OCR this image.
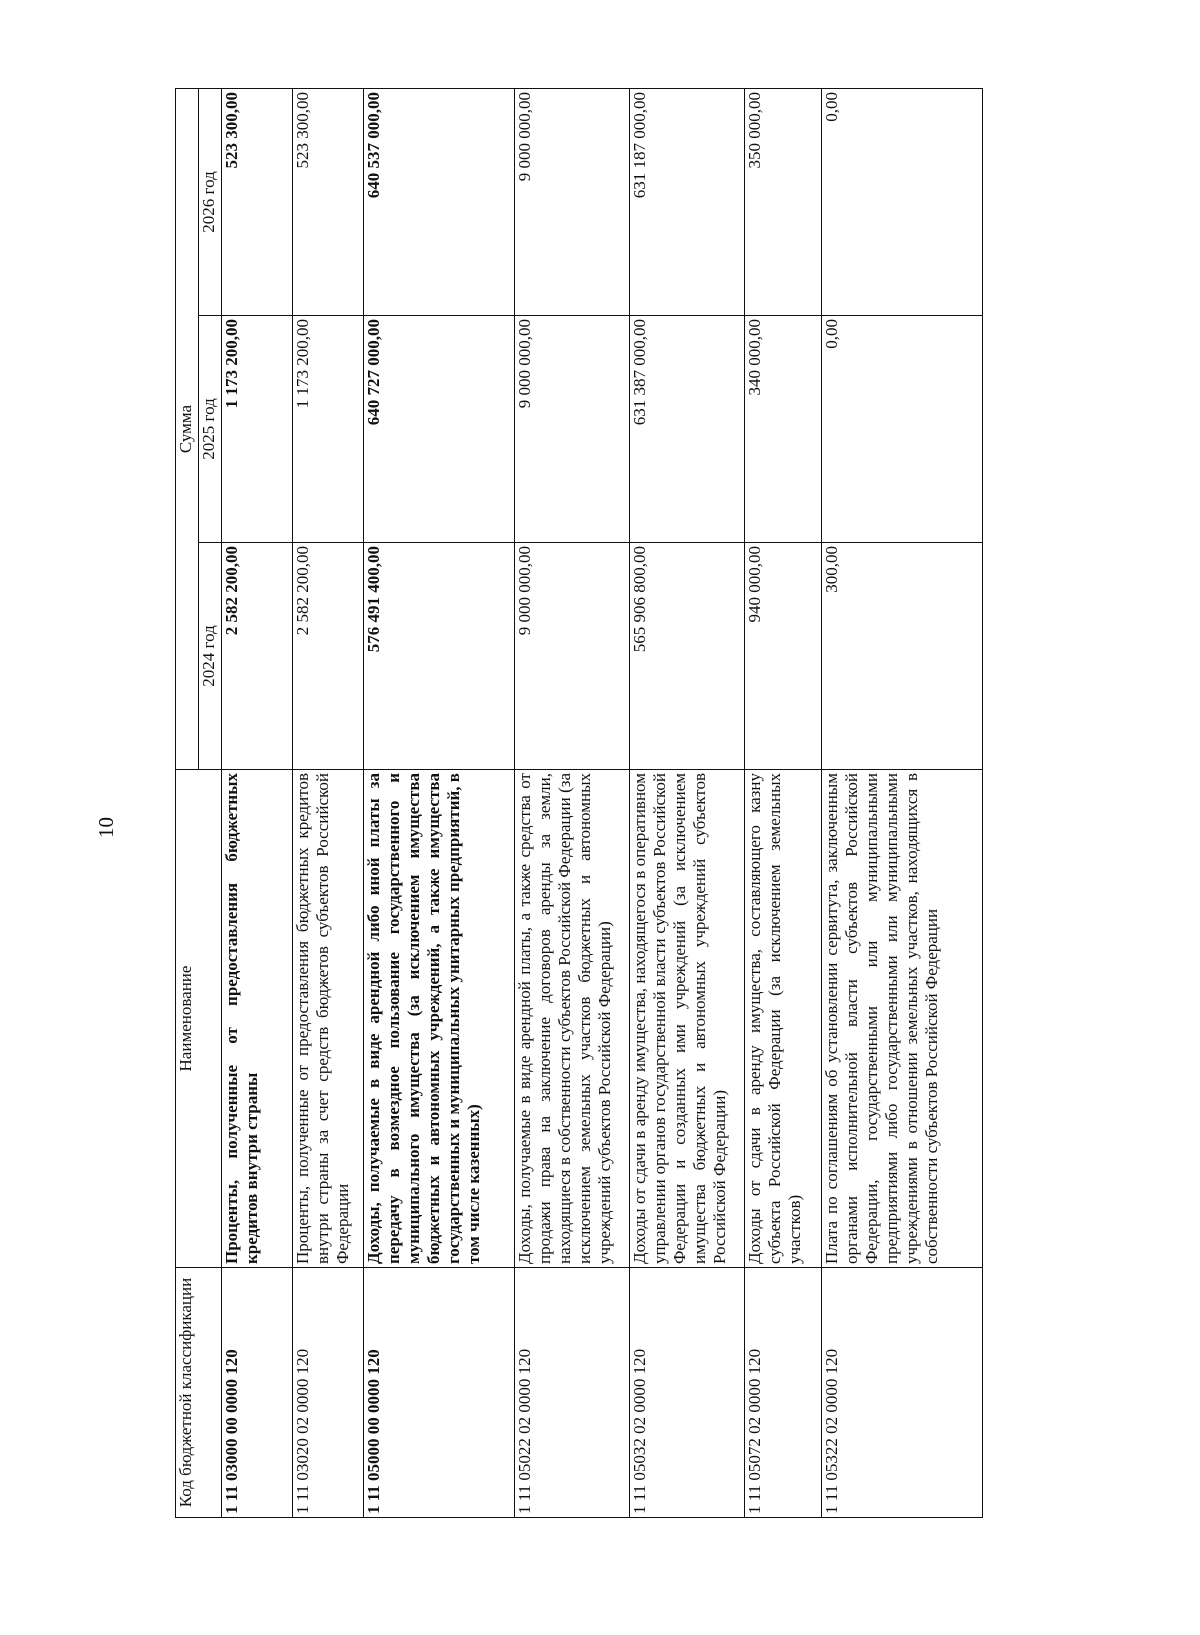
10
Код бюджетной классификации	Наименование	Сумма		
		2024 год	2025 год	2026 год
1 11 03000 00 0000 120	Проценты, полученные от предоставления бюджетных кредитов внутри страны	2 582 200,00	1 173 200,00	523 300,00
1 11 03020 02 0000 120	Проценты, полученные от предоставления бюджетных кредитов внутри страны за счет средств бюджетов субъектов Российской Федерации	2 582 200,00	1 173 200,00	523 300,00
1 11 05000 00 0000 120	Доходы, получаемые в виде арендной либо иной платы за передачу в возмездное пользование государственного и муниципального имущества (за исключением имущества бюджетных и автономных учреждений, а также имущества государственных и муниципальных унитарных предприятий, в том числе казенных)	576 491 400,00	640 727 000,00	640 537 000,00
1 11 05022 02 0000 120	Доходы, получаемые в виде арендной платы, а также средства от продажи права на заключение договоров аренды за земли, находящиеся в собственности субъектов Российской Федерации (за исключением земельных участков бюджетных и автономных учреждений субъектов Российской Федерации)	9 000 000,00	9 000 000,00	9 000 000,00
1 11 05032 02 0000 120	Доходы от сдачи в аренду имущества, находящегося в оперативном управлении органов государственной власти субъектов Российской Федерации и созданных ими учреждений (за исключением имущества бюджетных и автономных учреждений субъектов Российской Федерации)	565 906 800,00	631 387 000,00	631 187 000,00
1 11 05072 02 0000 120	Доходы от сдачи в аренду имущества, составляющего казну субъекта Российской Федерации (за исключением земельных участков)	940 000,00	340 000,00	350 000,00
1 11 05322 02 0000 120	Плата по соглашениям об установлении сервитута, заключенным органами исполнительной власти субъектов Российской Федерации, государственными или муниципальными предприятиями либо государственными или муниципальными учреждениями в отношении земельных участков, находящихся в собственности субъектов Российской Федерации	300,00	0,00	0,00
